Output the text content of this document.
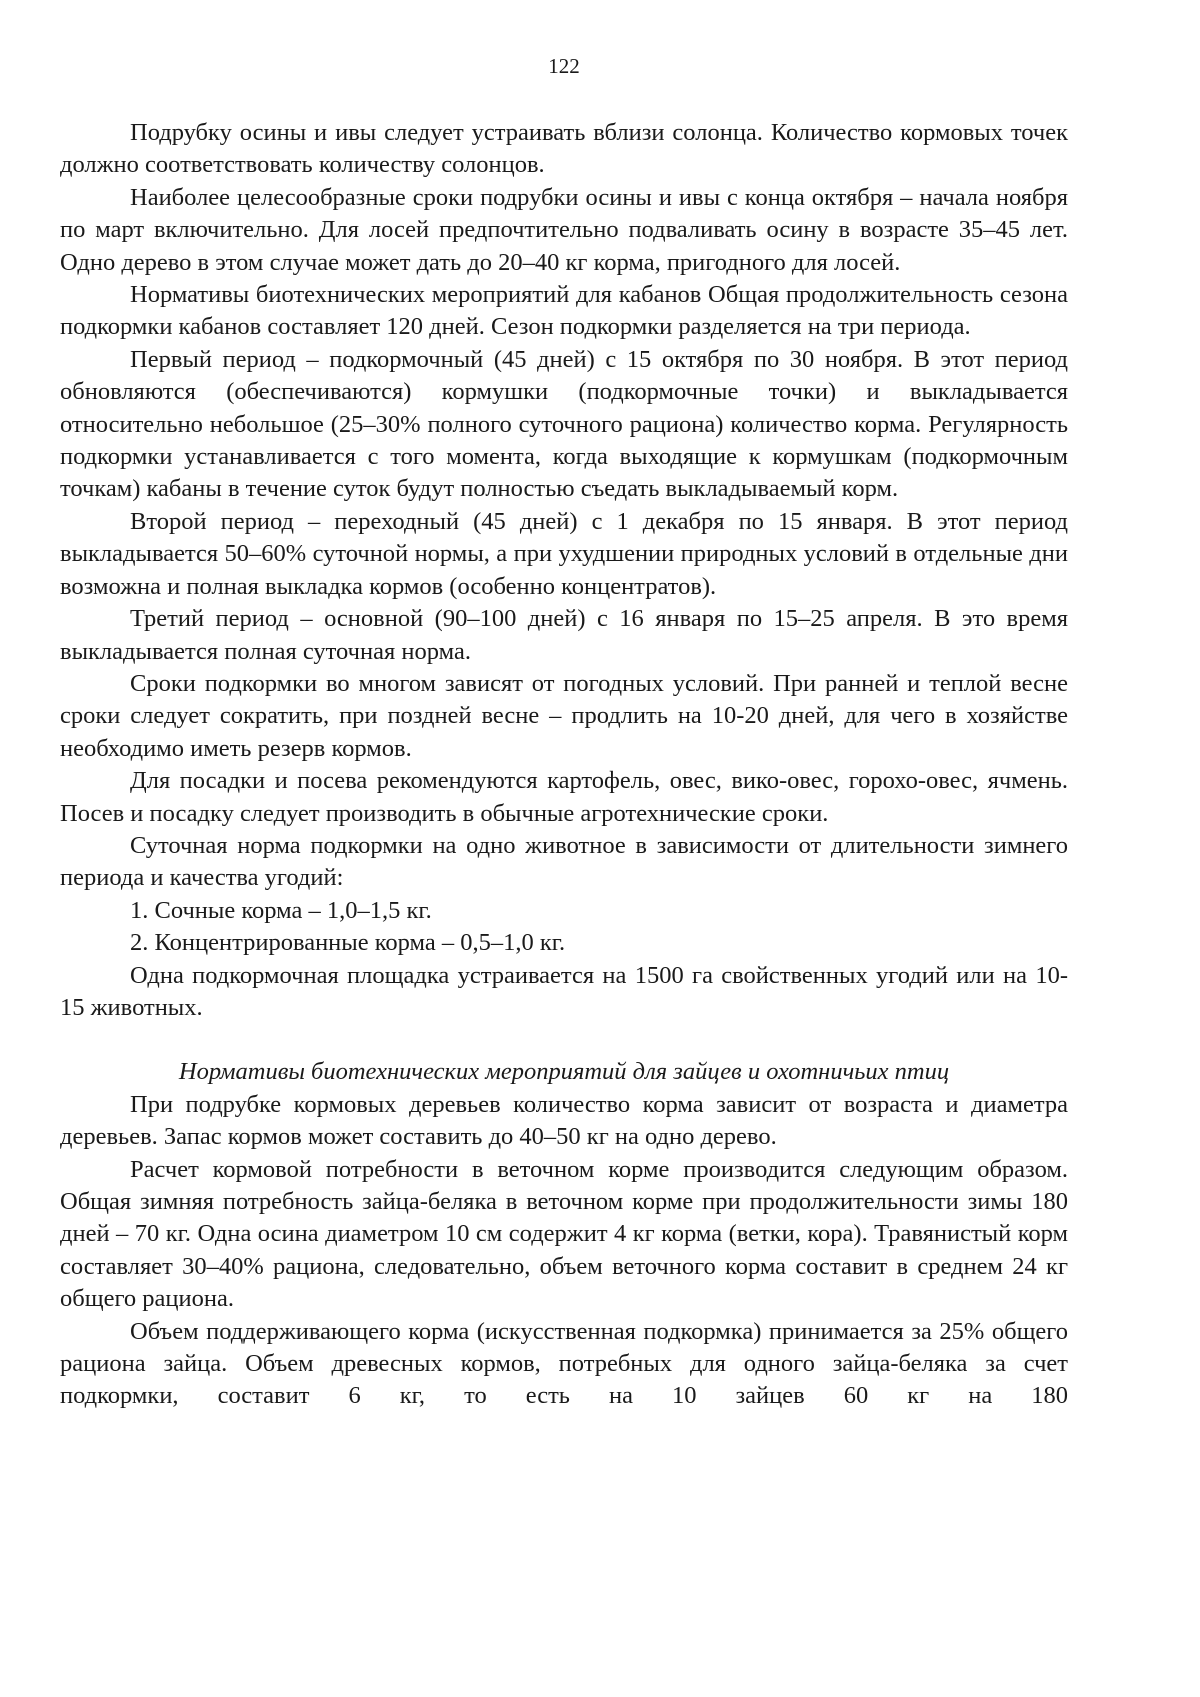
122

Подрубку осины и ивы следует устраивать вблизи солонца. Количество кормовых точек должно соответствовать количеству солонцов.

Наиболее целесообразные сроки подрубки осины и ивы с конца октября – начала ноября по март включительно. Для лосей предпочтительно подваливать осину в возрасте 35–45 лет. Одно дерево в этом случае может дать до 20–40 кг корма, пригодного для лосей.

Нормативы биотехнических мероприятий для кабанов Общая продолжительность сезона подкормки кабанов составляет 120 дней. Сезон подкормки разделяется на три периода.

Первый период – подкормочный (45 дней) с 15 октября по 30 ноября. В этот период обновляются (обеспечиваются) кормушки (подкормочные точки) и выкладывается относительно небольшое (25–30% полного суточного рациона) количество корма. Регулярность подкормки устанавливается с того момента, когда выходящие к кормушкам (подкормочным точкам) кабаны в течение суток будут полностью съедать выкладываемый корм.

Второй период – переходный (45 дней) с 1 декабря по 15 января. В этот период выкладывается 50–60% суточной нормы, а при ухудшении природных условий в отдельные дни возможна и полная выкладка кормов (особенно концентратов).

Третий период – основной (90–100 дней) с 16 января по 15–25 апреля. В это время выкладывается полная суточная норма.

Сроки подкормки во многом зависят от погодных условий. При ранней и теплой весне сроки следует сократить, при поздней весне – продлить на 10-20 дней, для чего в хозяйстве необходимо иметь резерв кормов.

Для посадки и посева рекомендуются картофель, овес, вико-овес, горохо-овес, ячмень. Посев и посадку следует производить в обычные агротехнические сроки.

Суточная норма подкормки на одно животное в зависимости от длительности зимнего периода и качества угодий:

1. Сочные корма – 1,0–1,5 кг.
2. Концентрированные корма – 0,5–1,0 кг.

Одна подкормочная площадка устраивается на 1500 га свойственных угодий или на 10-15 животных.

Нормативы биотехнических мероприятий для зайцев и охотничьих птиц

При подрубке кормовых деревьев количество корма зависит от возраста и диаметра деревьев. Запас кормов может составить до 40–50 кг на одно дерево.

Расчет кормовой потребности в веточном корме производится следующим образом. Общая зимняя потребность зайца-беляка в веточном корме при продолжительности зимы 180 дней – 70 кг. Одна осина диаметром 10 см содержит 4 кг корма (ветки, кора). Травянистый корм составляет 30–40% рациона, следовательно, объем веточного корма составит в среднем 24 кг общего рациона.

Объем поддерживающего корма (искусственная подкормка) принимается за 25% общего рациона зайца. Объем древесных кормов, потребных для одного зайца-беляка за счет подкормки, составит 6 кг, то есть на 10 зайцев 60 кг на 180
